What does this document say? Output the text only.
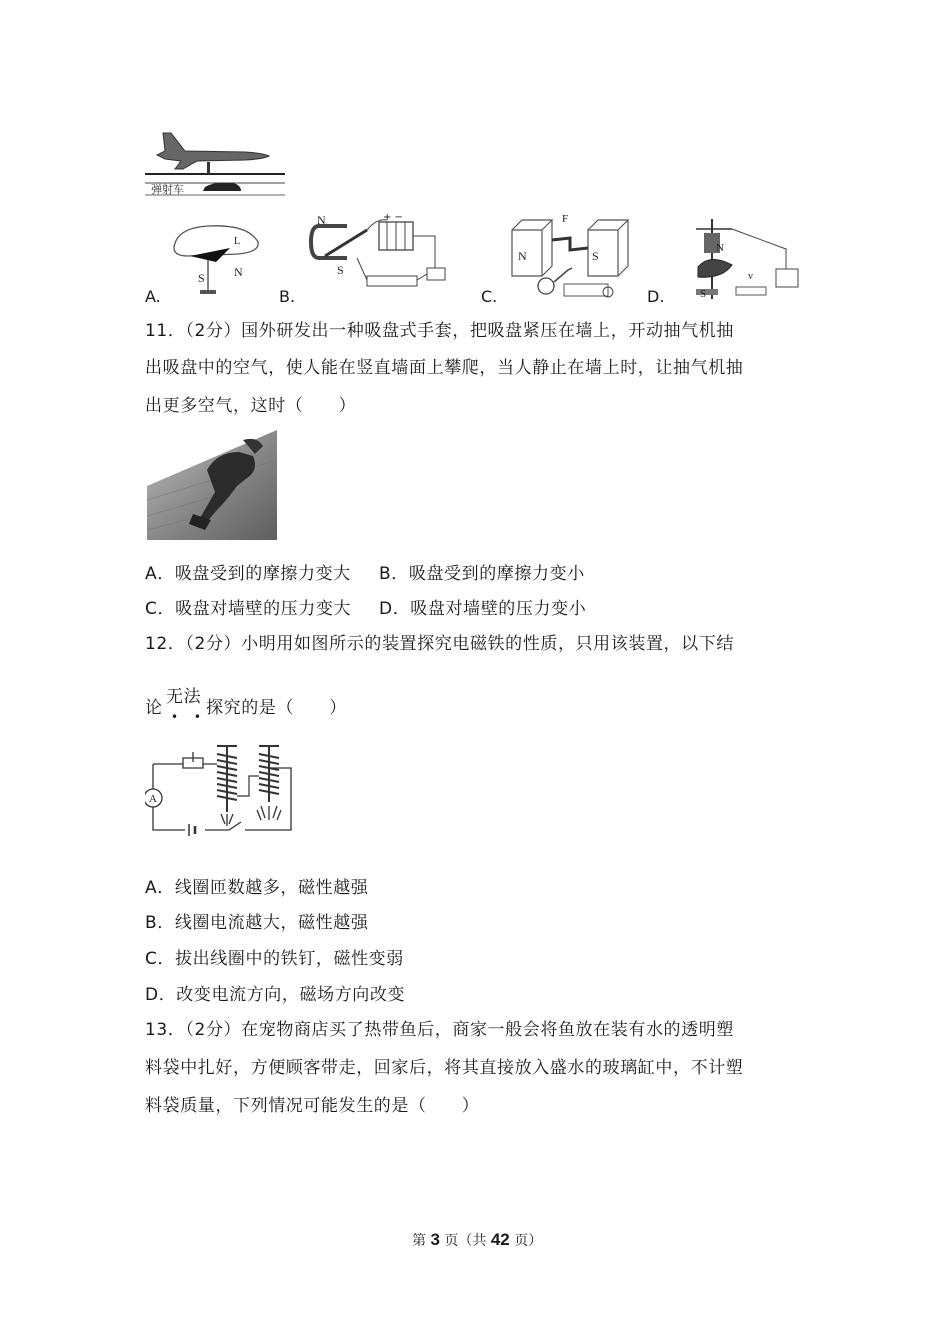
弹射车
S N
L
N
S
+ −
N	S
F
N
S
v
A.	B.	C.	D.
11．（2分）国外研发出一种吸盘式手套，把吸盘紧压在墙上，开动抽气机抽
出吸盘中的空气，使人能在竖直墙面上攀爬，当人静止在墙上时，让抽气机抽
出更多空气，这时（　　）
A．吸盘受到的摩擦力变大 B．吸盘受到的摩擦力变小
C．吸盘对墙壁的压力变大 D．吸盘对墙壁的压力变小
12．（2分）小明用如图所示的装置探究电磁铁的性质，只用该装置，以下结
论
无法
• • 探究的是（　　）
A
A．线圈匝数越多，磁性越强
B．线圈电流越大，磁性越强
C．拔出线圈中的铁钉，磁性变弱
D．改变电流方向，磁场方向改变
13．（2分）在宠物商店买了热带鱼后，商家一般会将鱼放在装有水的透明塑
料袋中扎好，方便顾客带走，回家后，将其直接放入盛水的玻璃缸中，不计塑
料袋质量，下列情况可能发生的是（　　）
第 3 页（共 42 页）
